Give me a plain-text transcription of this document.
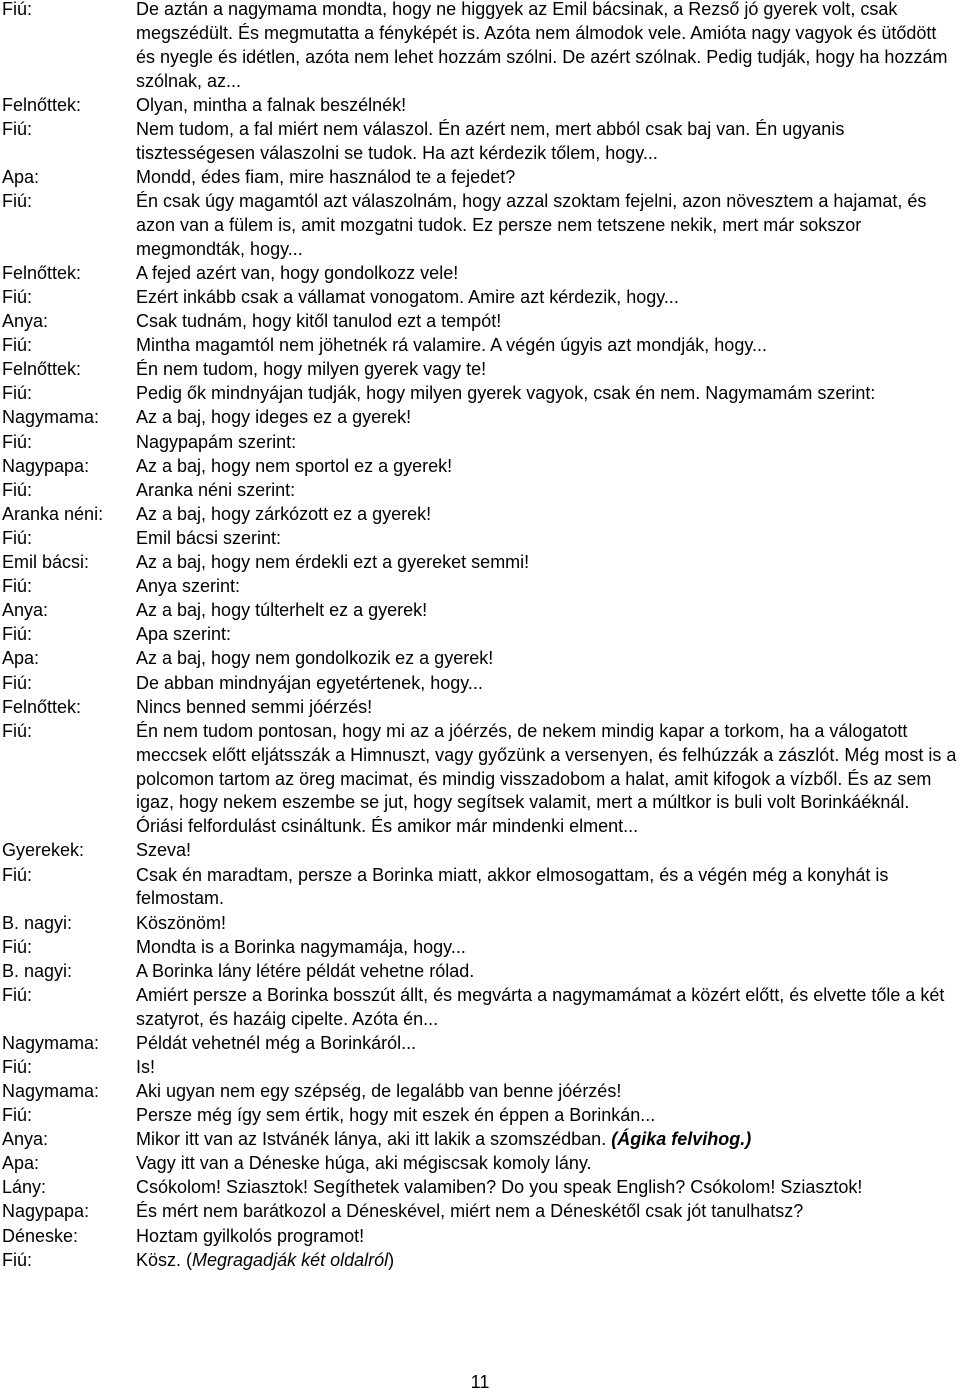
Fiú:	De aztán a nagymama mondta, hogy ne higgyek az Emil bácsinak, a Rezső jó gyerek volt, csak megszédült. És megmutatta a fényképét is. Azóta nem álmodok vele. Amióta nagy vagyok és ütődött és nyegle és idétlen, azóta nem lehet hozzám szólni. De azért szólnak. Pedig tudják, hogy ha hozzám szólnak, az...
Felnőttek:	Olyan, mintha a falnak beszélnék!
Fiú:	Nem tudom, a fal miért nem válaszol. Én azért nem, mert abból csak baj van. Én ugyanis tisztességesen válaszolni se tudok. Ha azt kérdezik tőlem, hogy...
Apa:	Mondd, édes fiam, mire használod te a fejedet?
Fiú:	Én csak úgy magamtól azt válaszolnám, hogy azzal szoktam fejelni, azon növesztem a hajamat, és azon van a fülem is, amit mozgatni tudok. Ez persze nem tetszene nekik, mert már sokszor megmondták, hogy...
Felnőttek:	A fejed azért van, hogy gondolkozz vele!
Fiú:	Ezért inkább csak a vállamat vonogatom. Amire azt kérdezik, hogy...
Anya:	Csak tudnám, hogy kitől tanulod ezt a tempót!
Fiú:	Mintha magamtól nem jöhetnék rá valamire. A végén úgyis azt mondják, hogy...
Felnőttek:	Én nem tudom, hogy milyen gyerek vagy te!
Fiú:	Pedig ők mindnyájan tudják, hogy milyen gyerek vagyok, csak én nem. Nagymamám szerint:
Nagymama:	Az a baj, hogy ideges ez a gyerek!
Fiú:	Nagypapám szerint:
Nagypapa:	Az a baj, hogy nem sportol ez a gyerek!
Fiú:	Aranka néni szerint:
Aranka néni:	Az a baj, hogy zárkózott ez a gyerek!
Fiú:	Emil bácsi szerint:
Emil bácsi:	Az a baj, hogy nem érdekli ezt a gyereket semmi!
Fiú:	Anya szerint:
Anya:	Az a baj, hogy túlterhelt ez a gyerek!
Fiú:	Apa szerint:
Apa:	Az a baj, hogy nem gondolkozik ez a gyerek!
Fiú:	De abban mindnyájan egyetértenek, hogy...
Felnőttek:	Nincs benned semmi jóérzés!
Fiú:	Én nem tudom pontosan, hogy mi az a jóérzés, de nekem mindig kapar a torkom, ha a válogatott meccsek előtt eljátsszák a Himnuszt, vagy győzünk a versenyen, és felhúzzák a zászlót. Még most is a polcomon tartom az öreg macimat, és mindig visszadobom a halat, amit kifogok a vízből. És az sem igaz, hogy nekem eszembe se jut, hogy segítsek valamit, mert a múltkor is buli volt Borinkáéknál. Óriási felfordulást csináltunk. És amikor már mindenki elment...
Gyerekek:	Szeva!
Fiú:	Csak én maradtam, persze a Borinka miatt, akkor elmosogattam, és a végén még a konyhát is felmostam.
B. nagyi:	Köszönöm!
Fiú:	Mondta is a Borinka nagymamája, hogy...
B. nagyi:	A Borinka lány létére példát vehetne rólad.
Fiú:	Amiért persze a Borinka bosszút állt, és megvárta a nagymamámat a közért előtt, és elvette tőle a két szatyrot, és hazáig cipelte. Azóta én...
Nagymama:	Példát vehetnél még a Borinkáról...
Fiú:	Is!
Nagymama:	Aki ugyan nem egy szépség, de legalább van benne jóérzés!
Fiú:	Persze még így sem értik, hogy mit eszek én éppen a Borinkán...
Anya:	Mikor itt van az Istvánék lánya, aki itt lakik a szomszédban. (Ágika felvihog.)
Apa:	Vagy itt van a Déneske húga, aki mégiscsak komoly lány.
Lány:	Csókolom! Sziasztok! Segíthetek valamiben? Do you speak English? Csókolom! Sziasztok!
Nagypapa:	És mért nem barátkozol a Déneskével, miért nem a Déneskétől csak jót tanulhatsz?
Déneske:	Hoztam gyilkolós programot!
Fiú:	Kösz. (Megragadják két oldalról)
11
